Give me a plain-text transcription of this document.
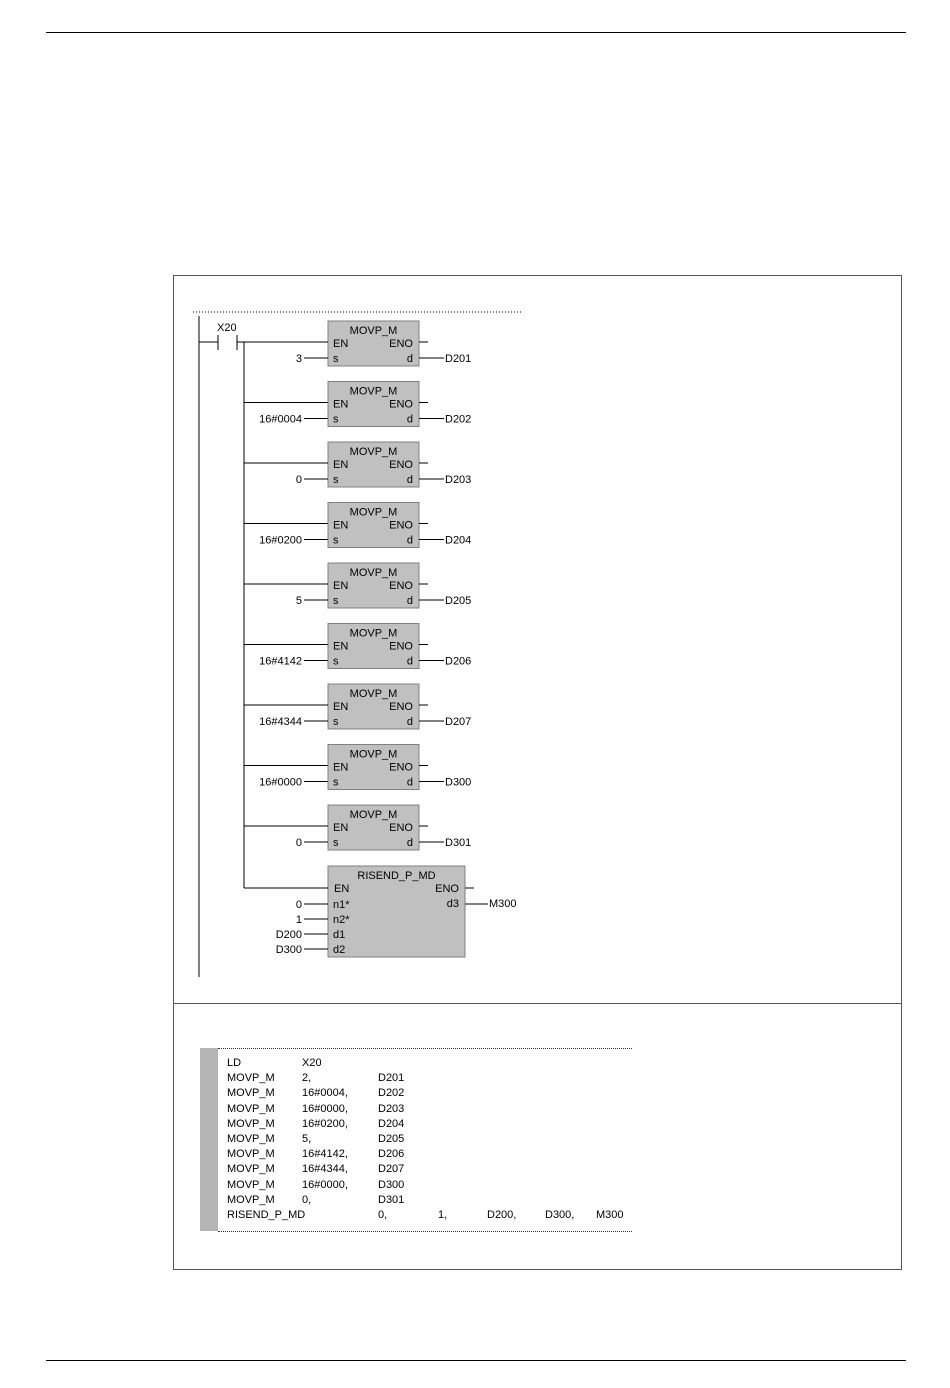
X20	MOVP_M
EN	ENO
s	d
3	D201
MOVP_M
EN	ENO
s	d
16#0004	D202
MOVP_M
EN	ENO
s	d
0	D203
MOVP_M
EN	ENO
s	d
16#0200	D204
MOVP_M
EN	ENO
s	d
5	D205
MOVP_M
EN	ENO
s	d
16#4142	D206
MOVP_M
EN	ENO
s	d
16#4344	D207
MOVP_M
EN	ENO
s	d
16#0000	D300
MOVP_M
EN	ENO
s	d
0	D301
RISEND_P_MD
EN	ENO
d3	M300
n1*
0
n2*
1
d1
D200
d2
D300
LD	X20
MOVP_M 2,	D201
MOVP_M 16#0004,	D202
MOVP_M 16#0000,	D203
MOVP_M 16#0200,	D204
MOVP_M 5,	D205
MOVP_M 16#4142,	D206
MOVP_M 16#4344,	D207
MOVP_M 16#0000,	D300
MOVP_M 0,	D301
RISEND_P_MD	0,	1,	D200,	D300, M300
